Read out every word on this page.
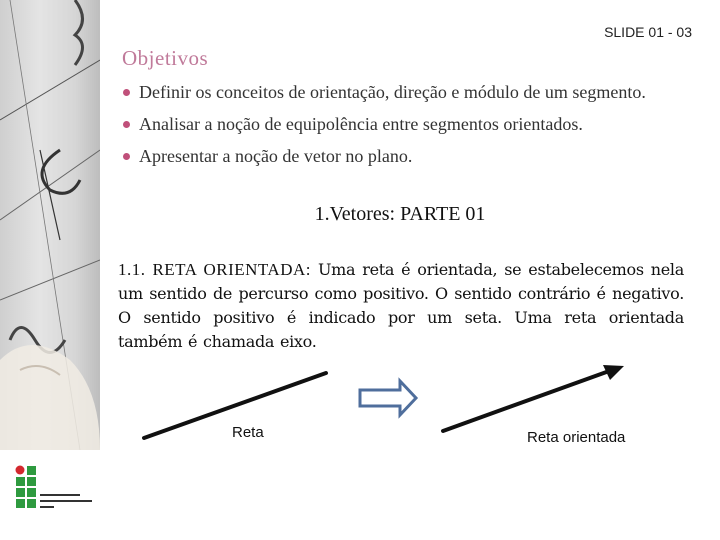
SLIDE 01 - 03
Objetivos
Definir os conceitos de orientação, direção e módulo de um segmento.
Analisar a noção de equipolência entre segmentos orientados.
Apresentar a noção de vetor no plano.
1.Vetores: PARTE 01
1.1. RETA ORIENTADA: Uma reta é orientada, se estabelecemos nela um sentido de percurso como positivo. O sentido contrário é negativo. O sentido positivo é indicado por um seta. Uma reta orientada também é chamada eixo.
Reta	Reta orientada
